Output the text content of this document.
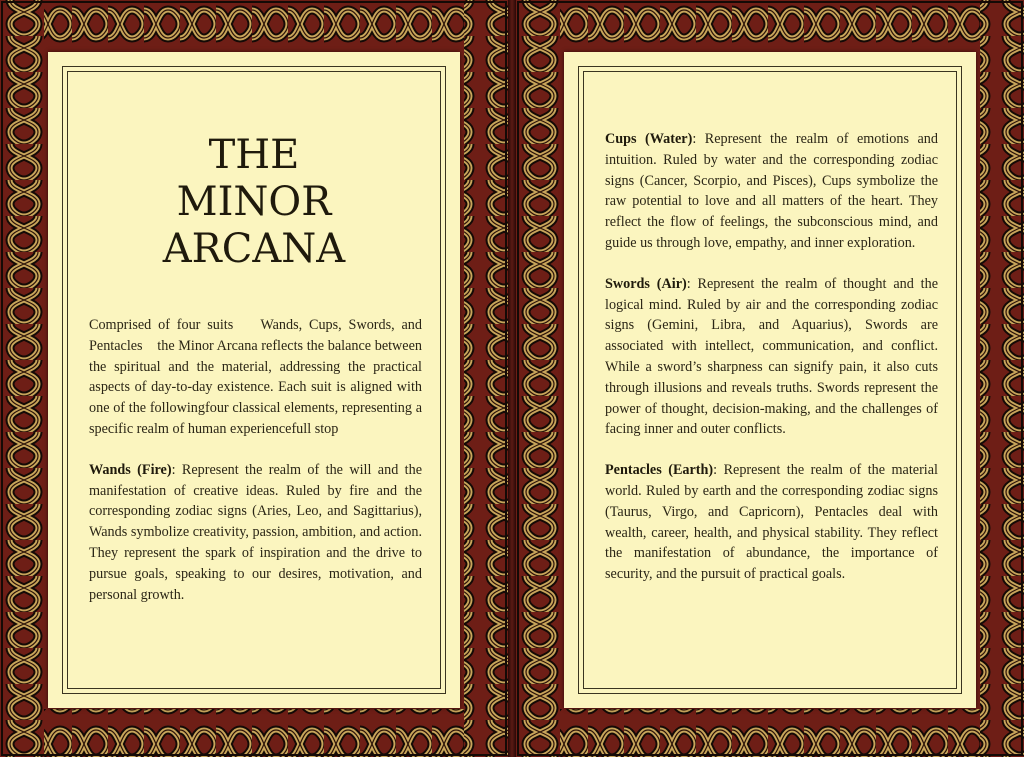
THE
MINOR
ARCANA

Comprised of four suits    Wands, Cups, Swords, and Pentacles    the Minor Arcana reflects the balance between the spiritual and the material, addressing the practical aspects of day-to-day existence. Each suit is aligned with one of the followingfour classical elements, representing a specific realm of human experiencefull stop

Wands (Fire): Represent the realm of the will and the manifestation of creative ideas. Ruled by fire and the corresponding zodiac signs (Aries, Leo, and Sagittarius), Wands symbolize creativity, passion, ambition, and action. They represent the spark of inspiration and the drive to pursue goals, speaking to our desires, motivation, and personal growth.

Cups (Water): Represent the realm of emotions and intuition. Ruled by water and the corresponding zodiac signs (Cancer, Scorpio, and Pisces), Cups symbolize the raw potential to love and all matters of the heart. They reflect the flow of feelings, the subconscious mind, and guide us through love, empathy, and inner exploration.

Swords (Air): Represent the realm of thought and the logical mind. Ruled by air and the corresponding zodiac signs (Gemini, Libra, and Aquarius), Swords are associated with intellect, communication, and conflict. While a sword’s sharpness can signify pain, it also cuts through illusions and reveals truths. Swords represent the power of thought, decision-making, and the challenges of facing inner and outer conflicts.

Pentacles (Earth): Represent the realm of the material world. Ruled by earth and the corresponding zodiac signs (Taurus, Virgo, and Capricorn), Pentacles deal with wealth, career, health, and physical stability. They reflect the manifestation of abundance, the importance of security, and the pursuit of practical goals.
